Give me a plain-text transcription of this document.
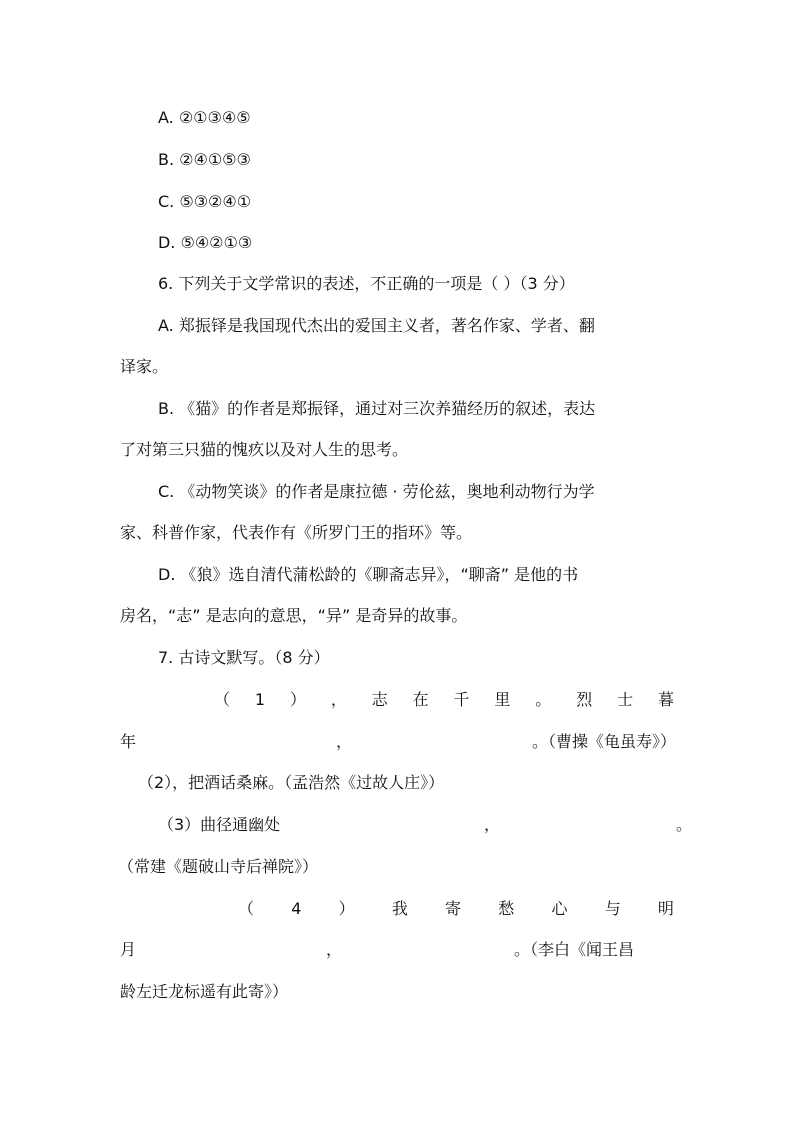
A. ②①③④⑤
B. ②④①⑤③
C. ⑤③②④①
D. ⑤④②①③
6. 下列关于文学常识的表述，不正确的一项是（ ）（3 分）
A. 郑振铎是我国现代杰出的爱国主义者，著名作家、学者、翻
译家。
B. 《猫》的作者是郑振铎，通过对三次养猫经历的叙述，表达
了对第三只猫的愧疚以及对人生的思考。
C. 《动物笑谈》的作者是康拉德 · 劳伦兹，奥地利动物行为学
家、科普作家，代表作有《所罗门王的指环》等。
D. 《狼》选自清代蒲松龄的《聊斋志异》，“聊斋” 是他的书
房名，“志” 是志向的意思，“异” 是奇异的故事。
7. 古诗文默写。（8 分）
（ 1 ） ， 志 在 千 里 。 烈 士 暮
年	，	。（曹操《龟虽寿》）
（2），把酒话桑麻。（孟浩然《过故人庄》）
（3）曲径通幽处	，	。
（常建《题破山寺后禅院》）
（ 4 ） 我 寄 愁 心 与 明
月	，	。（李白《闻王昌
龄左迁龙标遥有此寄》）
